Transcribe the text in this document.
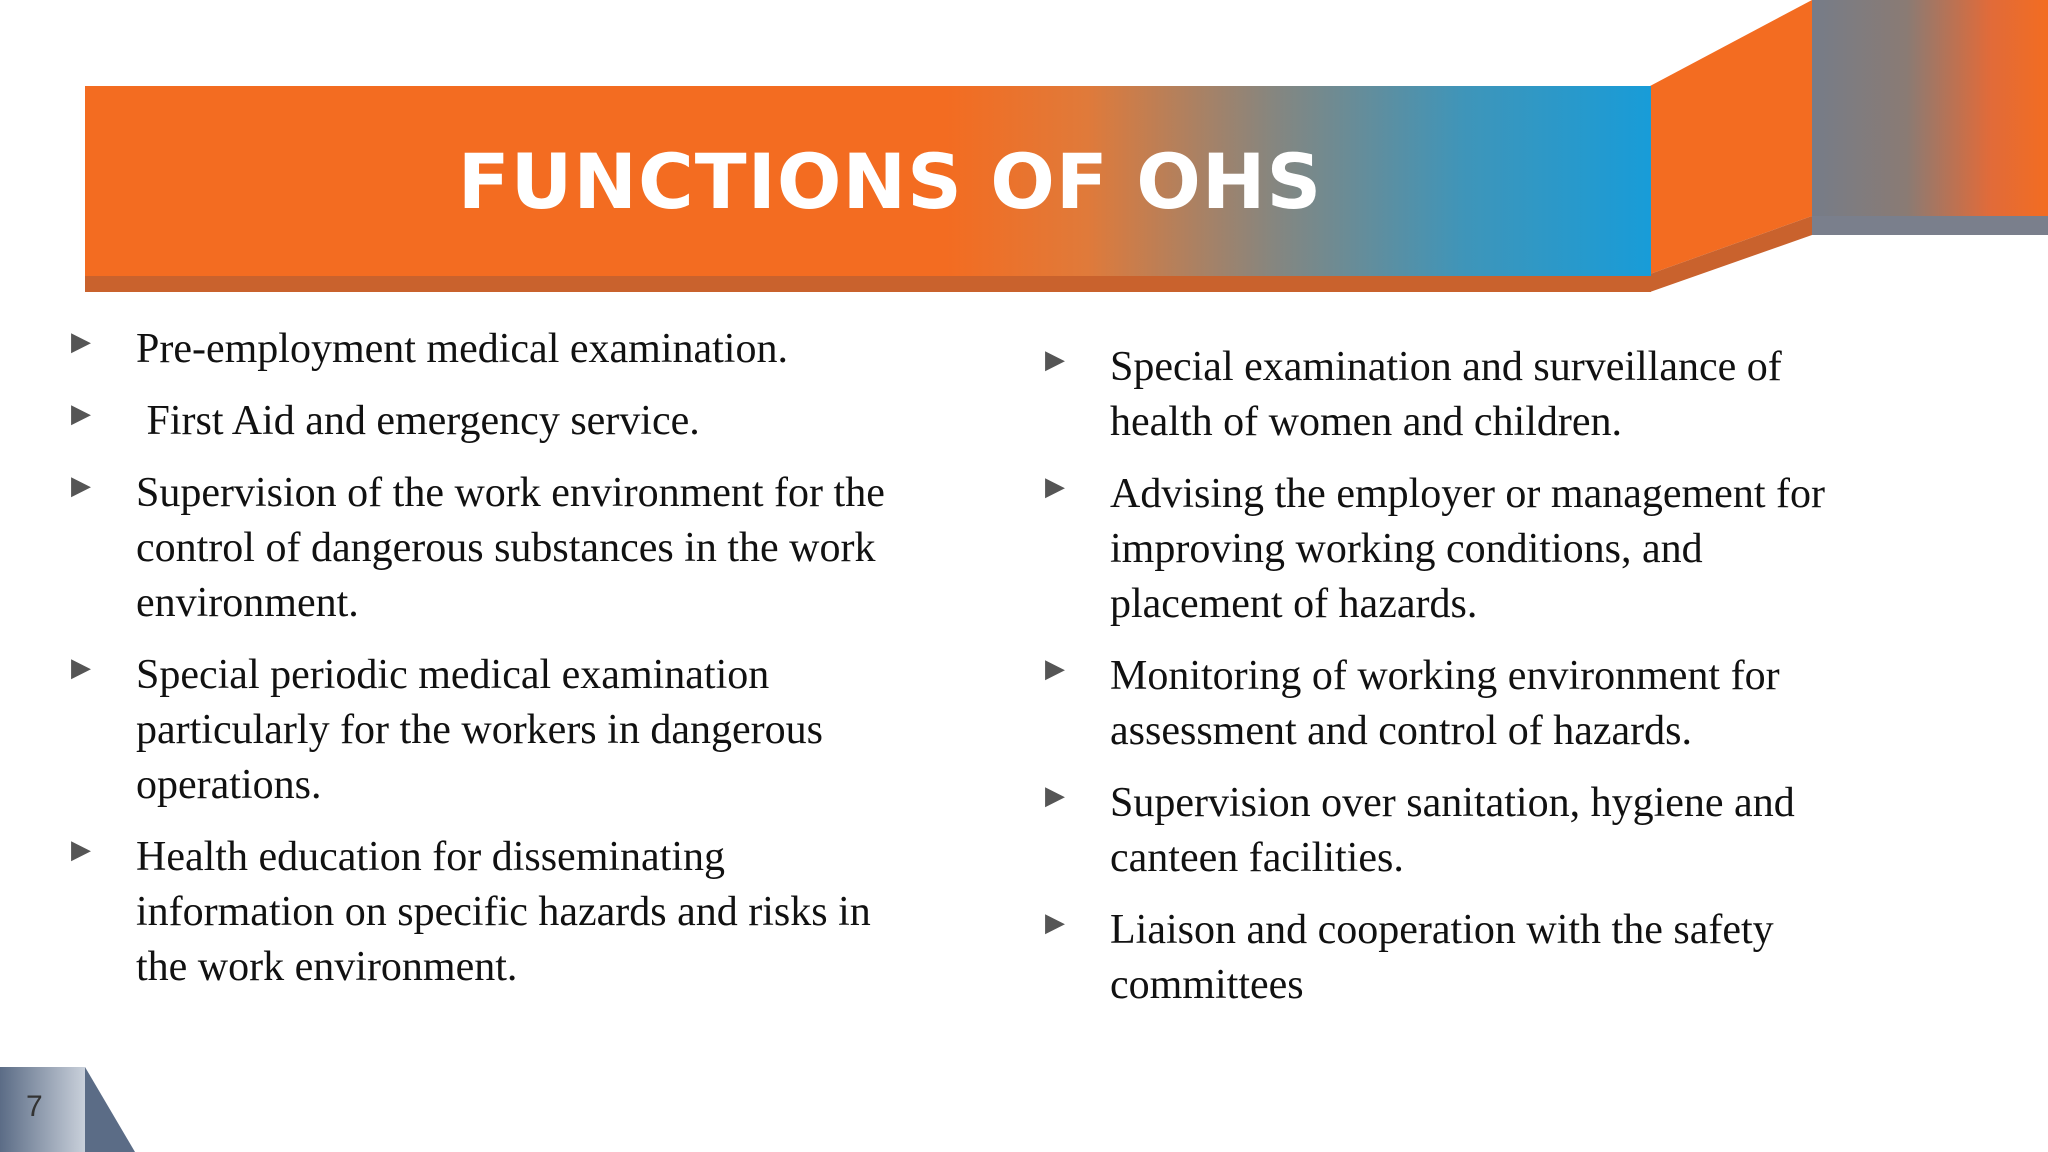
FUNCTIONS OF OHS
▶ Pre-employment medical examination.
▶ First Aid and emergency service.
▶ Supervision of the work environment for the control of dangerous substances in the work environment.
▶ Special periodic medical examination particularly for the workers in dangerous operations.
▶ Health education for disseminating information on specific hazards and risks in the work environment.
▶ Special examination and surveillance of health of women and children.
▶ Advising the employer or management for improving working conditions, and placement of hazards.
▶ Monitoring of working environment for assessment and control of hazards.
▶ Supervision over sanitation, hygiene and canteen facilities.
▶ Liaison and cooperation with the safety committees
7
